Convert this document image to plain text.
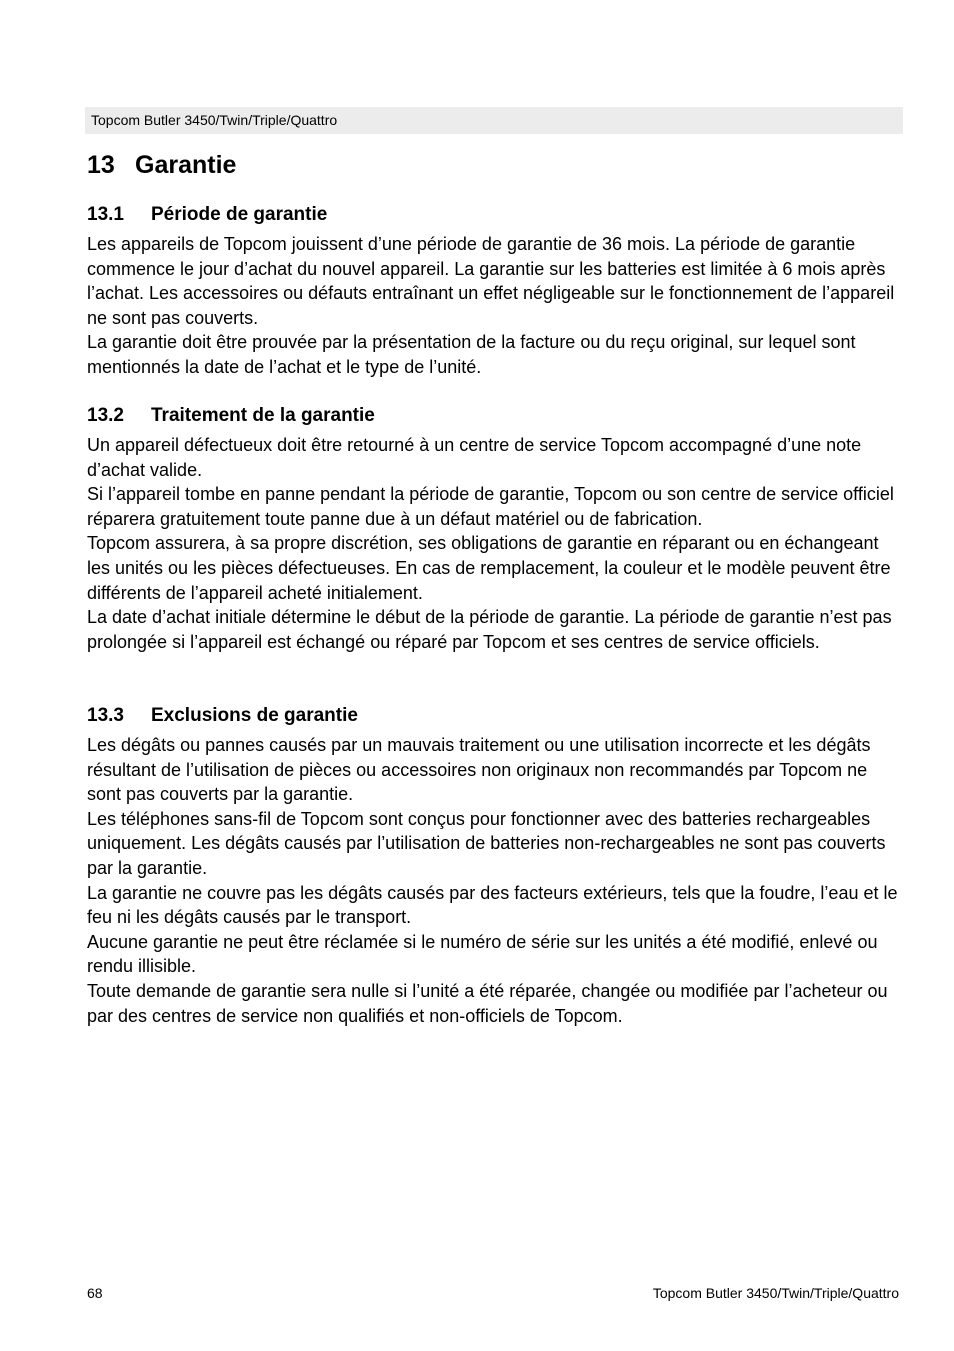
Topcom Butler 3450/Twin/Triple/Quattro
13 Garantie
13.1 Période de garantie

Les appareils de Topcom jouissent d’une période de garantie de 36 mois. La période de garantie commence le jour d’achat du nouvel appareil. La garantie sur les batteries est limitée à 6 mois après l’achat. Les accessoires ou défauts entraînant un effet négligeable sur le fonctionnement de l’appareil ne sont pas couverts.

La garantie doit être prouvée par la présentation de la facture ou du reçu original, sur lequel sont mentionnés la date de l’achat et le type de l’unité.

13.2 Traitement de la garantie

Un appareil défectueux doit être retourné à un centre de service Topcom accompagné d’une note d’achat valide.

Si l’appareil tombe en panne pendant la période de garantie, Topcom ou son centre de service officiel réparera gratuitement toute panne due à un défaut matériel ou de fabrication.

Topcom assurera, à sa propre discrétion, ses obligations de garantie en réparant ou en échangeant les unités ou les pièces défectueuses. En cas de remplacement, la couleur et le modèle peuvent être différents de l’appareil acheté initialement.

La date d’achat initiale détermine le début de la période de garantie. La période de garantie n’est pas prolongée si l’appareil est échangé ou réparé par Topcom et ses centres de service officiels.

13.3 Exclusions de garantie

Les dégâts ou pannes causés par un mauvais traitement ou une utilisation incorrecte et les dégâts résultant de l’utilisation de pièces ou accessoires non originaux non recommandés par Topcom ne sont pas couverts par la garantie.

Les téléphones sans-fil de Topcom sont conçus pour fonctionner avec des batteries rechargeables uniquement. Les dégâts causés par l’utilisation de batteries non-rechargeables ne sont pas couverts par la garantie.

La garantie ne couvre pas les dégâts causés par des facteurs extérieurs, tels que la foudre, l’eau et le feu ni les dégâts causés par le transport.

Aucune garantie ne peut être réclamée si le numéro de série sur les unités a été modifié, enlevé ou rendu illisible.

Toute demande de garantie sera nulle si l’unité a été réparée, changée ou modifiée par l’acheteur ou par des centres de service non qualifiés et non-officiels de Topcom.

68	Topcom Butler 3450/Twin/Triple/Quattro
